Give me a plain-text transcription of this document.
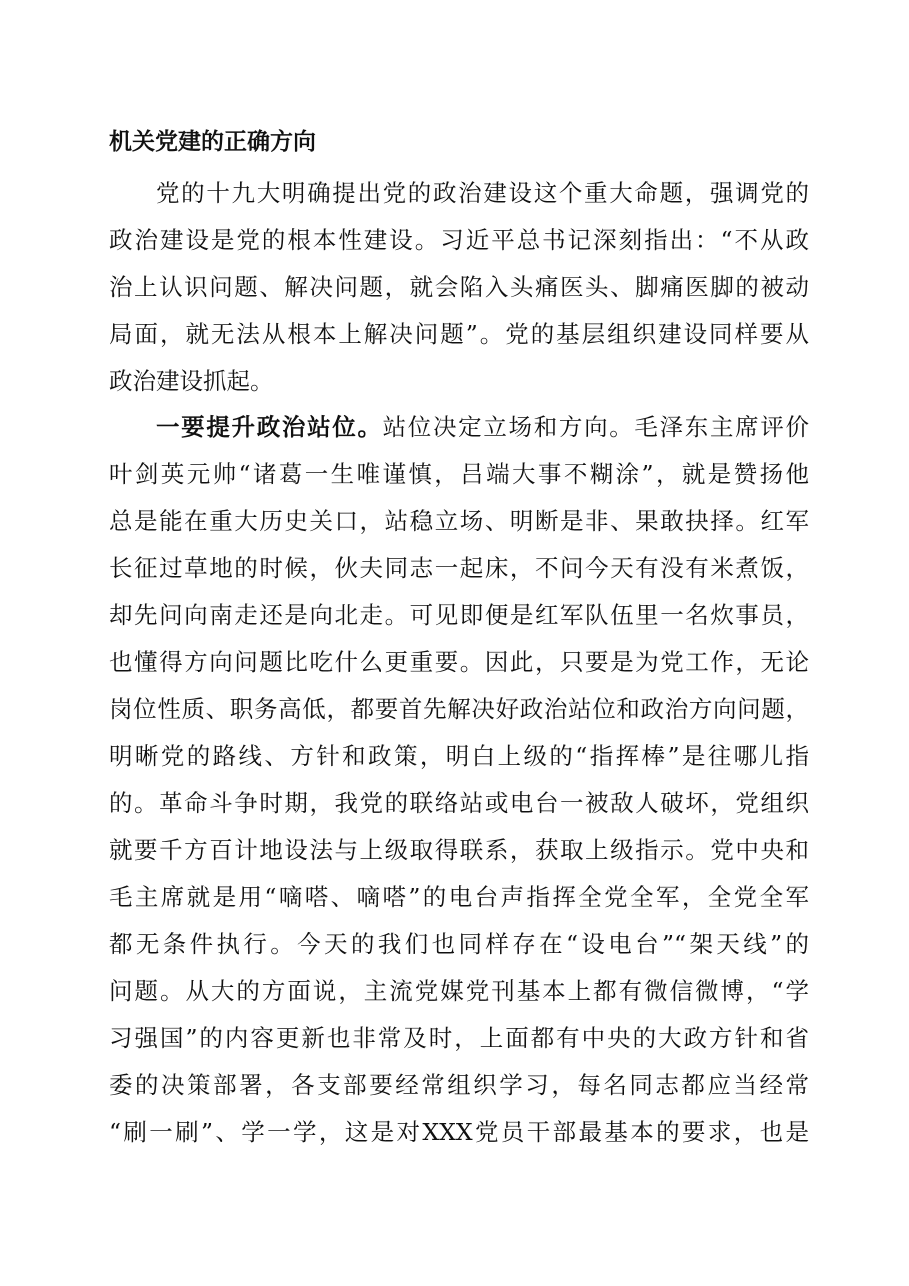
机关党建的正确方向
党的十九大明确提出党的政治建设这个重大命题，强调党的
政治建设是党的根本性建设。习近平总书记深刻指出：“不从政
治上认识问题、解决问题，就会陷入头痛医头、脚痛医脚的被动
局面，就无法从根本上解决问题”。党的基层组织建设同样要从
政治建设抓起。
一要提升政治站位。站位决定立场和方向。毛泽东主席评价
叶剑英元帅“诸葛一生唯谨慎，吕端大事不糊涂”，就是赞扬他
总是能在重大历史关口，站稳立场、明断是非、果敢抉择。红军
长征过草地的时候，伙夫同志一起床，不问今天有没有米煮饭，
却先问向南走还是向北走。可见即便是红军队伍里一名炊事员，
也懂得方向问题比吃什么更重要。因此，只要是为党工作，无论
岗位性质、职务高低，都要首先解决好政治站位和政治方向问题，
明晰党的路线、方针和政策，明白上级的“指挥棒”是往哪儿指
的。革命斗争时期，我党的联络站或电台一被敌人破坏，党组织
就要千方百计地设法与上级取得联系，获取上级指示。党中央和
毛主席就是用“嘀嗒、嘀嗒”的电台声指挥全党全军，全党全军
都无条件执行。今天的我们也同样存在“设电台”“架天线”的
问题。从大的方面说，主流党媒党刊基本上都有微信微博，“学
习强国”的内容更新也非常及时，上面都有中央的大政方针和省
委的决策部署，各支部要经常组织学习，每名同志都应当经常
“刷一刷”、学一学，这是对XXX党员干部最基本的要求，也是
